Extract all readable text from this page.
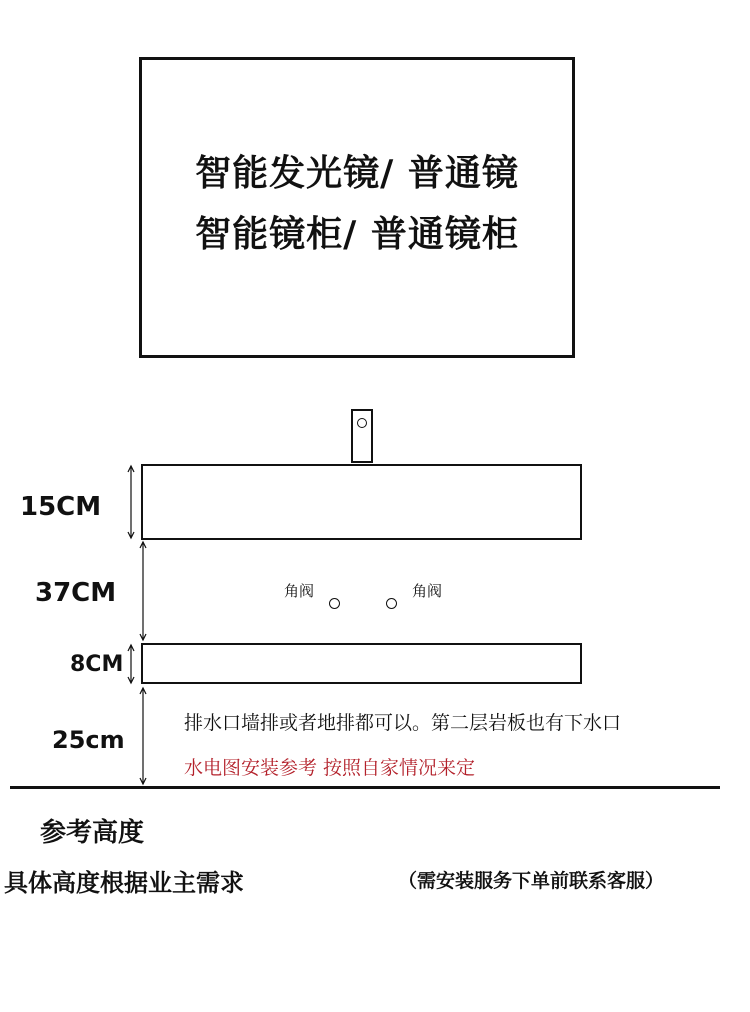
智能发光镜/ 普通镜
智能镜柜/ 普通镜柜
15CM
37CM
8CM
25cm
角阀	角阀
排水口墙排或者地排都可以。第二层岩板也有下水口
水电图安装参考 按照自家情况来定
参考高度
具体高度根据业主需求	（需安装服务下单前联系客服）
